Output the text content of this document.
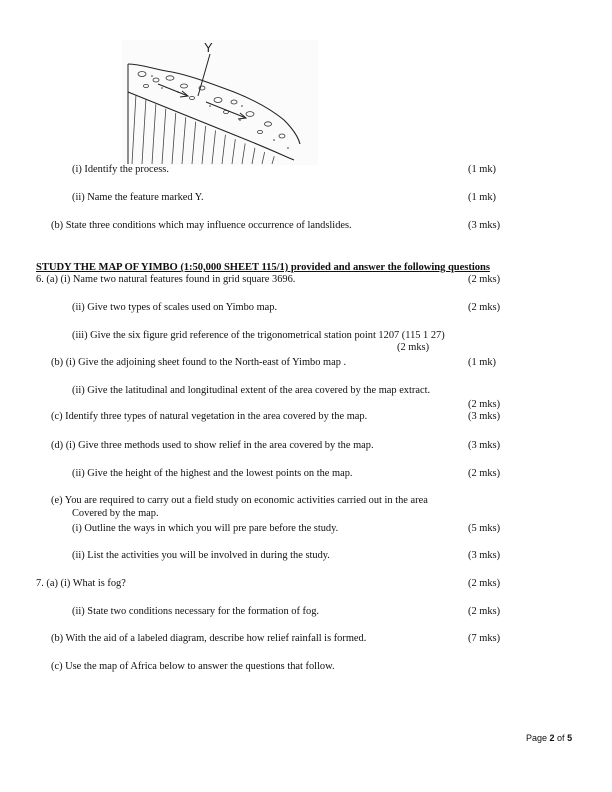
Y
(i) Identify the process.	(1 mk)
(ii) Name the feature marked Y.	(1 mk)
(b) State three conditions which may influence occurrence of landslides.	(3 mks)
STUDY THE MAP OF YIMBO (1:50,000 SHEET 115/1) provided and answer the following questions
6. (a) (i) Name two natural features found in grid square 3696.	(2 mks)
(ii) Give two types of scales used on Yimbo map.	(2 mks)
(iii) Give the six figure grid reference of the trigonometrical station point 1207 (115 1 27)
(2 mks)
(b) (i) Give the adjoining sheet found to the North-east of Yimbo map .	(1 mk)
(ii) Give the latitudinal and longitudinal extent of the area covered by the map extract.
(2 mks)
(c) Identify three types of natural vegetation in the area covered by the map.	(3 mks)
(d) (i) Give three methods used to show relief in the area covered by the map.	(3 mks)
(ii) Give the height of the highest and the lowest points on the map.	(2 mks)
(e) You are required to carry out a field study on economic activities carried out in the area
Covered by the map.
(i) Outline the ways in which you will pre pare before the study.	(5 mks)
(ii) List the activities you will be involved in during the study.	(3 mks)
7. (a) (i) What is fog?	(2 mks)
(ii) State two conditions necessary for the formation of fog.	(2 mks)
(b) With the aid of a labeled diagram, describe how relief rainfall is formed.	(7 mks)
(c) Use the map of Africa below to answer the questions that follow.
Page 2 of 5
